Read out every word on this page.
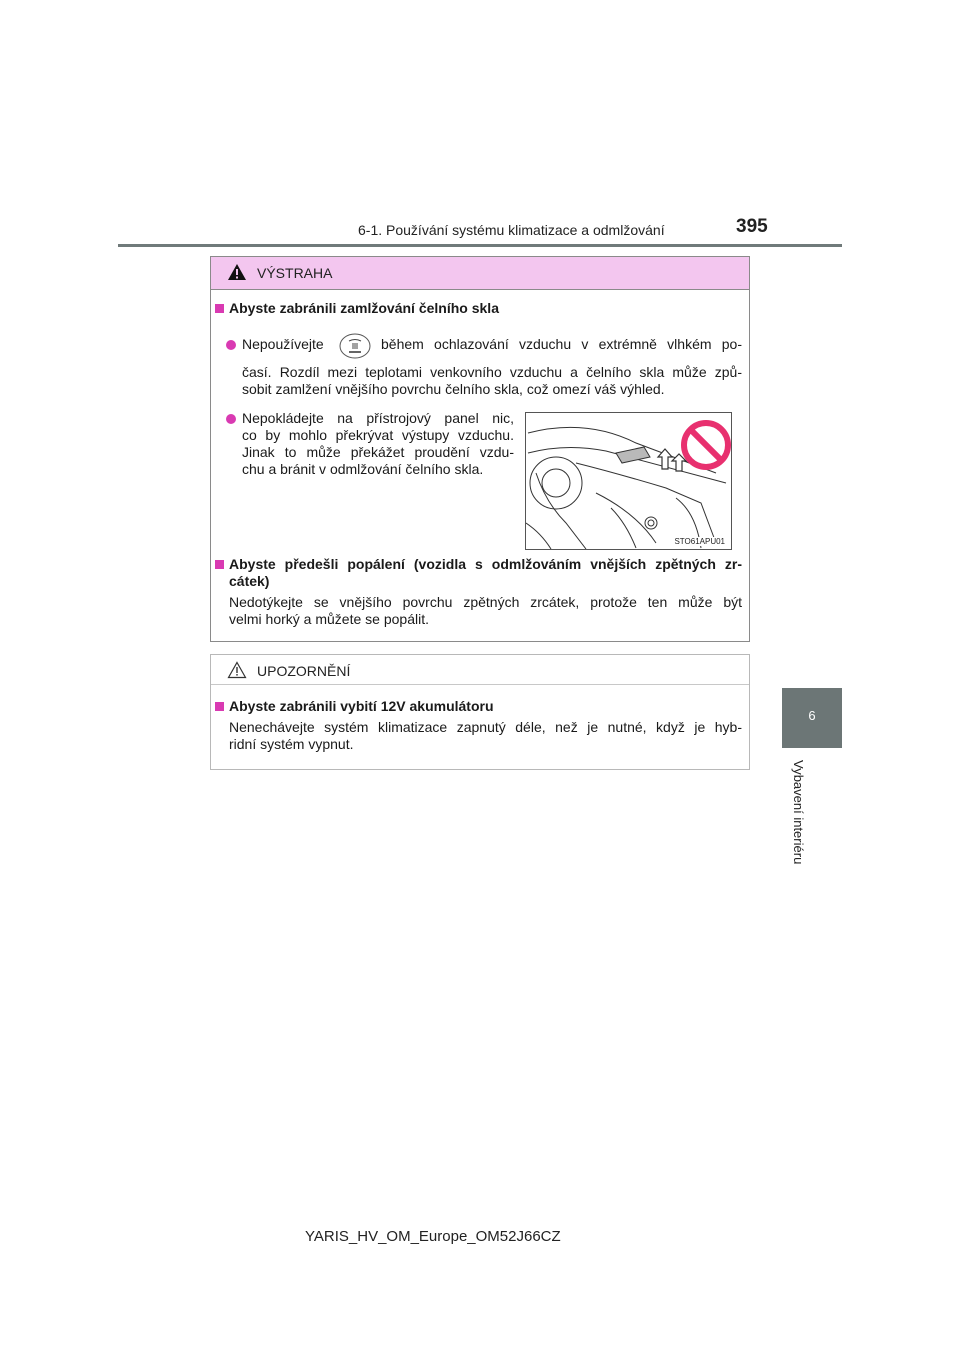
6-1. Používání systému klimatizace a odmlžování	395
6
Vybavení interiéru
VÝSTRAHA
Abyste zabránili zamlžování čelního skla
Nepoužívejte	během ochlazování vzduchu v extrémně vlhkém po-
časí. Rozdíl mezi teplotami venkovního vzduchu a čelního skla může způ-
sobit zamlžení vnějšího povrchu čelního skla, což omezí váš výhled.
Nepokládejte na přístrojový panel nic,
co by mohlo překrývat výstupy vzduchu.
Jinak to může překážet proudění vzdu-
chu a bránit v odmlžování čelního skla.
STO61APU01
Abyste předešli popálení (vozidla s odmlžováním vnějších zpětných zr-
cátek)
Nedotýkejte se vnějšího povrchu zpětných zrcátek, protože ten může být
velmi horký a můžete se popálit.
UPOZORNĚNÍ
Abyste zabránili vybití 12V akumulátoru
Nenechávejte systém klimatizace zapnutý déle, než je nutné, když je hyb-
ridní systém vypnut.
YARIS_HV_OM_Europe_OM52J66CZ
